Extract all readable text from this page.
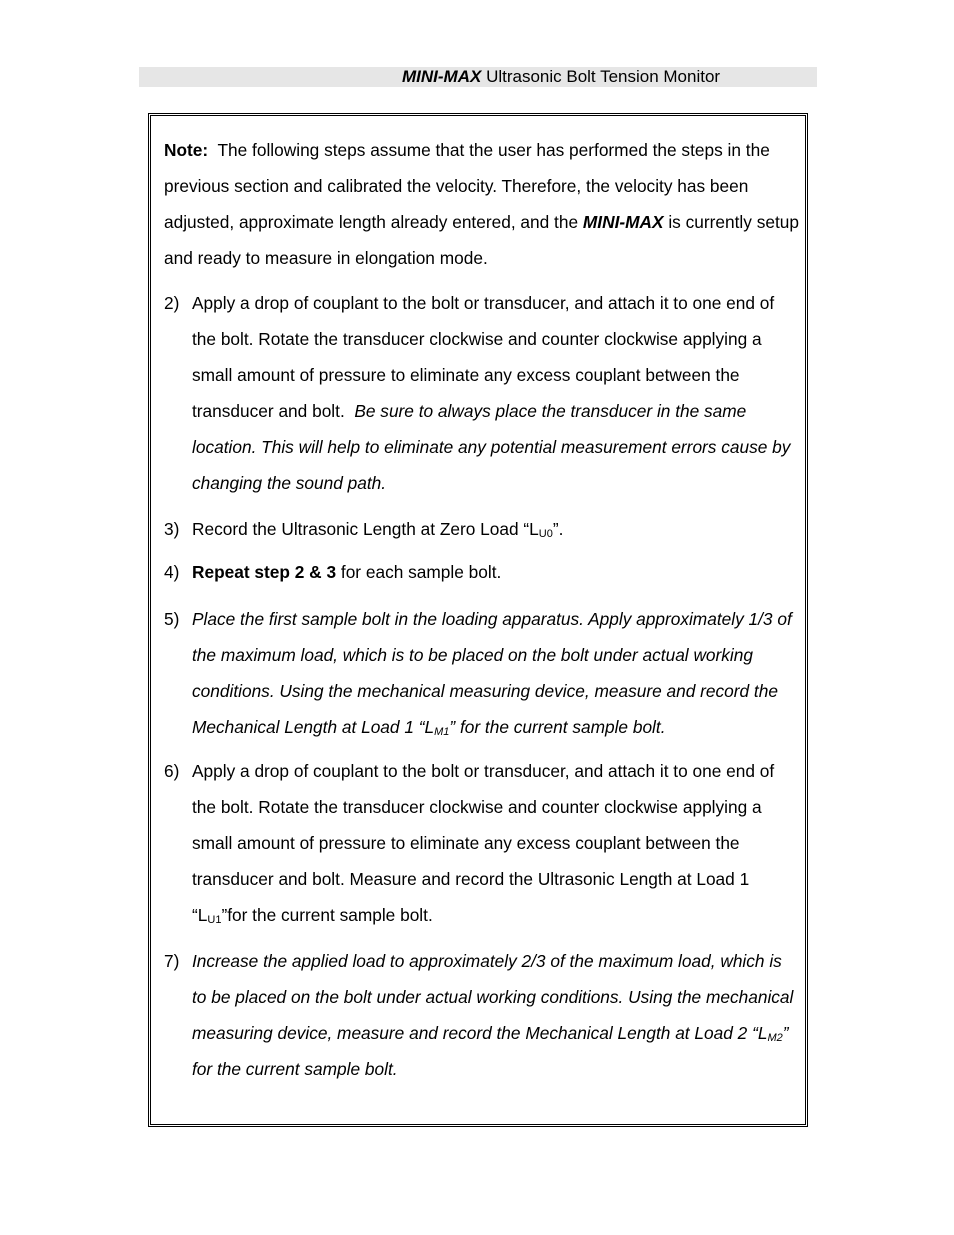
MINI-MAX Ultrasonic Bolt Tension Monitor

Note: The following steps assume that the user has performed the steps in the previous section and calibrated the velocity. Therefore, the velocity has been adjusted, approximate length already entered, and the MINI-MAX is currently setup and ready to measure in elongation mode.

2) Apply a drop of couplant to the bolt or transducer, and attach it to one end of the bolt. Rotate the transducer clockwise and counter clockwise applying a small amount of pressure to eliminate any excess couplant between the transducer and bolt. Be sure to always place the transducer in the same location. This will help to eliminate any potential measurement errors cause by changing the sound path.
3) Record the Ultrasonic Length at Zero Load “$L_{U0}$”.
4) Repeat step 2 & 3 for each sample bolt.
5) Place the first sample bolt in the loading apparatus. Apply approximately 1/3 of the maximum load, which is to be placed on the bolt under actual working conditions. Using the mechanical measuring device, measure and record the Mechanical Length at Load 1 “$L_{M1}$” for the current sample bolt.
6) Apply a drop of couplant to the bolt or transducer, and attach it to one end of the bolt. Rotate the transducer clockwise and counter clockwise applying a small amount of pressure to eliminate any excess couplant between the transducer and bolt. Measure and record the Ultrasonic Length at Load 1 “$L_{U1}”for$ the current sample bolt.
7) Increase the applied load to approximately 2/3 of the maximum load, which is to be placed on the bolt under actual working conditions. Using the mechanical measuring device, measure and record the Mechanical Length at Load 2 “$L_{M2}$” for the current sample bolt.
